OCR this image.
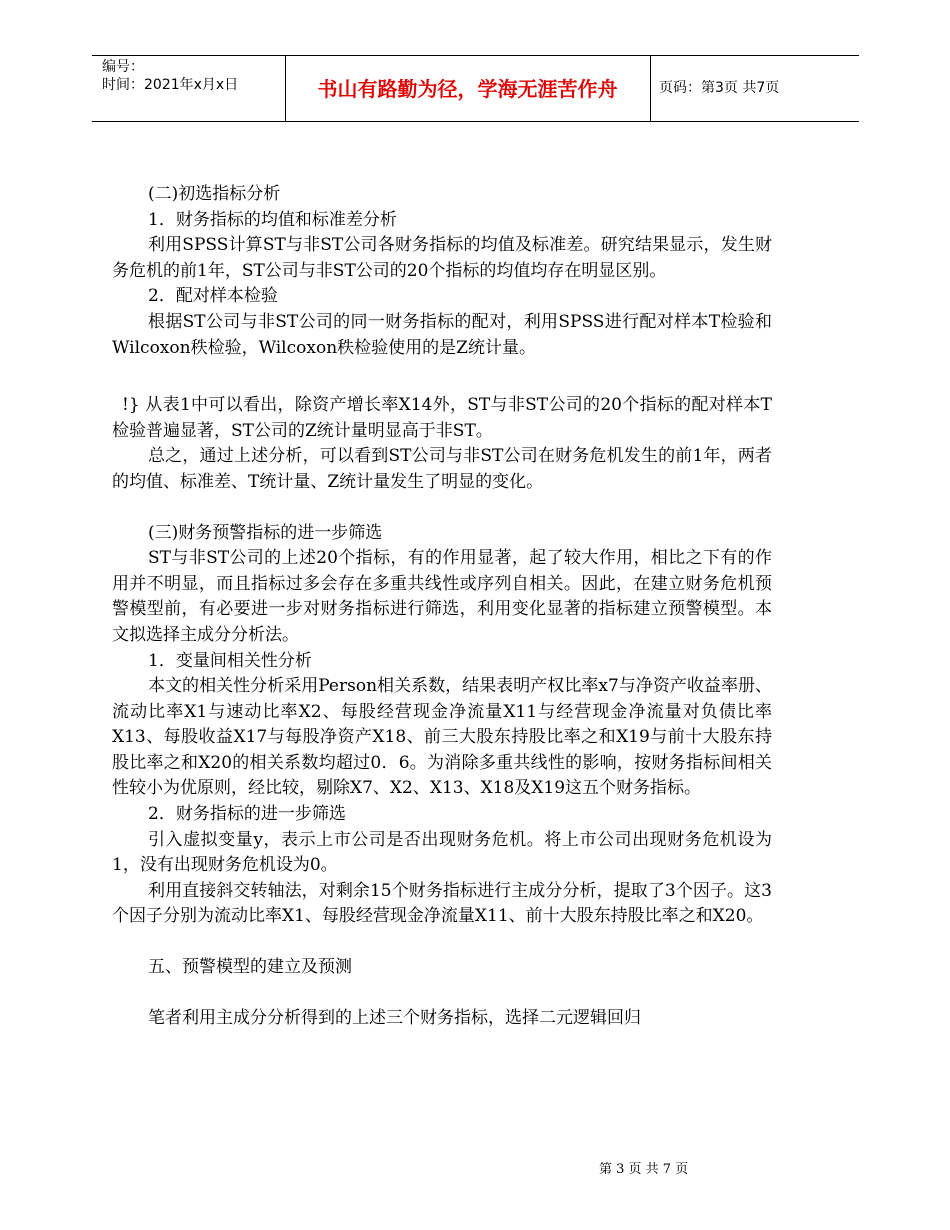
编号：
时间：2021年x月x日	书山有路勤为径，学海无涯苦作舟	页码：第3页 共7页

(二)初选指标分析

1．财务指标的均值和标准差分析

利用SPSS计算ST与非ST公司各财务指标的均值及标准差。研究结果显示，发生财务危机的前1年，ST公司与非ST公司的20个指标的均值均存在明显区别。

2．配对样本检验

根据ST公司与非ST公司的同一财务指标的配对，利用SPSS进行配对样本T检验和Wilcoxon秩检验，Wilcoxon秩检验使用的是Z统计量。

!} 从表1中可以看出，除资产增长率X14外，ST与非ST公司的20个指标的配对样本T检验普遍显著，ST公司的Z统计量明显高于非ST。

总之，通过上述分析，可以看到ST公司与非ST公司在财务危机发生的前1年，两者的均值、标准差、T统计量、Z统计量发生了明显的变化。

(三)财务预警指标的进一步筛选

ST与非ST公司的上述20个指标，有的作用显著，起了较大作用，相比之下有的作用并不明显，而且指标过多会存在多重共线性或序列自相关。因此，在建立财务危机预警模型前，有必要进一步对财务指标进行筛选，利用变化显著的指标建立预警模型。本文拟选择主成分分析法。

1．变量间相关性分析

本文的相关性分析采用Person相关系数，结果表明产权比率x7与净资产收益率册、流动比率X1与速动比率X2、每股经营现金净流量X11与经营现金净流量对负债比率X13、每股收益X17与每股净资产X18、前三大股东持股比率之和X19与前十大股东持股比率之和X20的相关系数均超过0．6。为消除多重共线性的影响，按财务指标间相关性较小为优原则，经比较，剔除X7、X2、X13、X18及X19这五个财务指标。

2．财务指标的进一步筛选

引入虚拟变量y，表示上市公司是否出现财务危机。将上市公司出现财务危机设为1，没有出现财务危机设为0。

利用直接斜交转轴法，对剩余15个财务指标进行主成分分析，提取了3个因子。这3个因子分别为流动比率X1、每股经营现金净流量X11、前十大股东持股比率之和X20。

五、预警模型的建立及预测

笔者利用主成分分析得到的上述三个财务指标，选择二元逻辑回归

第 3 页 共 7 页
